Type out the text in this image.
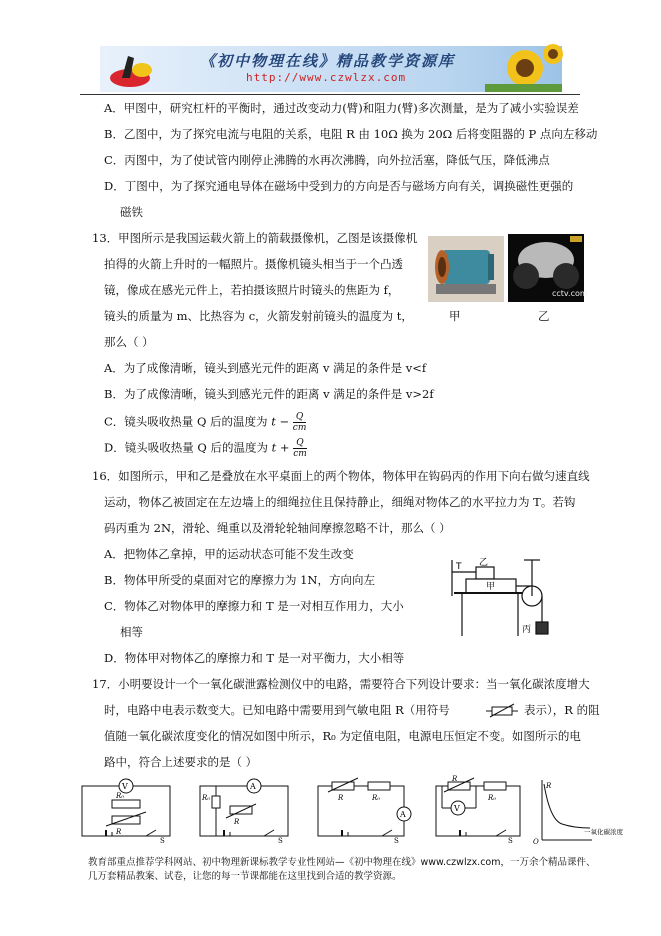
《初中物理在线》精品教学资源库
http://www.czwlzx.com
A．甲图中，研究杠杆的平衡时，通过改变动力(臂)和阻力(臂)多次测量，是为了减小实验误差
B．乙图中，为了探究电流与电阻的关系，电阻 R 由 10Ω 换为 20Ω 后将变阻器的 P 点向左移动
C．丙图中，为了使试管内刚停止沸腾的水再次沸腾，向外拉活塞，降低气压，降低沸点
D．丁图中，为了探究通电导体在磁场中受到力的方向是否与磁场方向有关，调换磁性更强的
磁铁
13．甲图所示是我国运载火箭上的箭载摄像机，乙图是该摄像机
拍得的火箭上升时的一幅照片。摄像机镜头相当于一个凸透
镜，像成在感光元件上，若拍摄该照片时镜头的焦距为 f，
镜头的质量为 m、比热容为 c，火箭发射前镜头的温度为 t，
那么（ ）
cctv.com
甲	乙
A．为了成像清晰，镜头到感光元件的距离 v 满足的条件是 v<f
B．为了成像清晰，镜头到感光元件的距离 v 满足的条件是 v>2f
C．镜头吸收热量 Q 后的温度为 $t - \frac{Q}{cm}$
D．镜头吸收热量 Q 后的温度为 $t + \frac{Q}{cm}$
16．如图所示，甲和乙是叠放在水平桌面上的两个物体，物体甲在钩码丙的作用下向右做匀速直线
运动，物体乙被固定在左边墙上的细绳拉住且保持静止，细绳对物体乙的水平拉力为 T。若钩
码丙重为 2N，滑轮、绳重以及滑轮轮轴间摩擦忽略不计，那么（ ）
A．把物体乙拿掉，甲的运动状态可能不发生改变
B．物体甲所受的桌面对它的摩擦力为 1N，方向向左
C．物体乙对物体甲的摩擦力和 T 是一对相互作用力，大小
相等
D．物体甲对物体乙的摩擦力和 T 是一对平衡力，大小相等
T 乙
甲
丙
17．小明要设计一个一氧化碳泄露检测仪中的电路，需要符合下列设计要求：当一氧化碳浓度增大
时，电路中电表示数变大。已知电路中需要用到气敏电阻 R（用符号	表示），R 的阻
值随一氧化碳浓度变化的情况如图中所示，R₀ 为定值电阻，电源电压恒定不变。如图所示的电
路中，符合上述要求的是（ ）
V
R₀
R
S
A
R₀
R
S
A
R	R₀
S
V
R
R₀
S
R
O
一氧化碳浓度
教育部重点推荐学科网站、初中物理新课标教学专业性网站—《初中物理在线》www.czwlzx.com，一万余个精品课件、
几万套精品教案、试卷，让您的每一节课都能在这里找到合适的教学资源。
